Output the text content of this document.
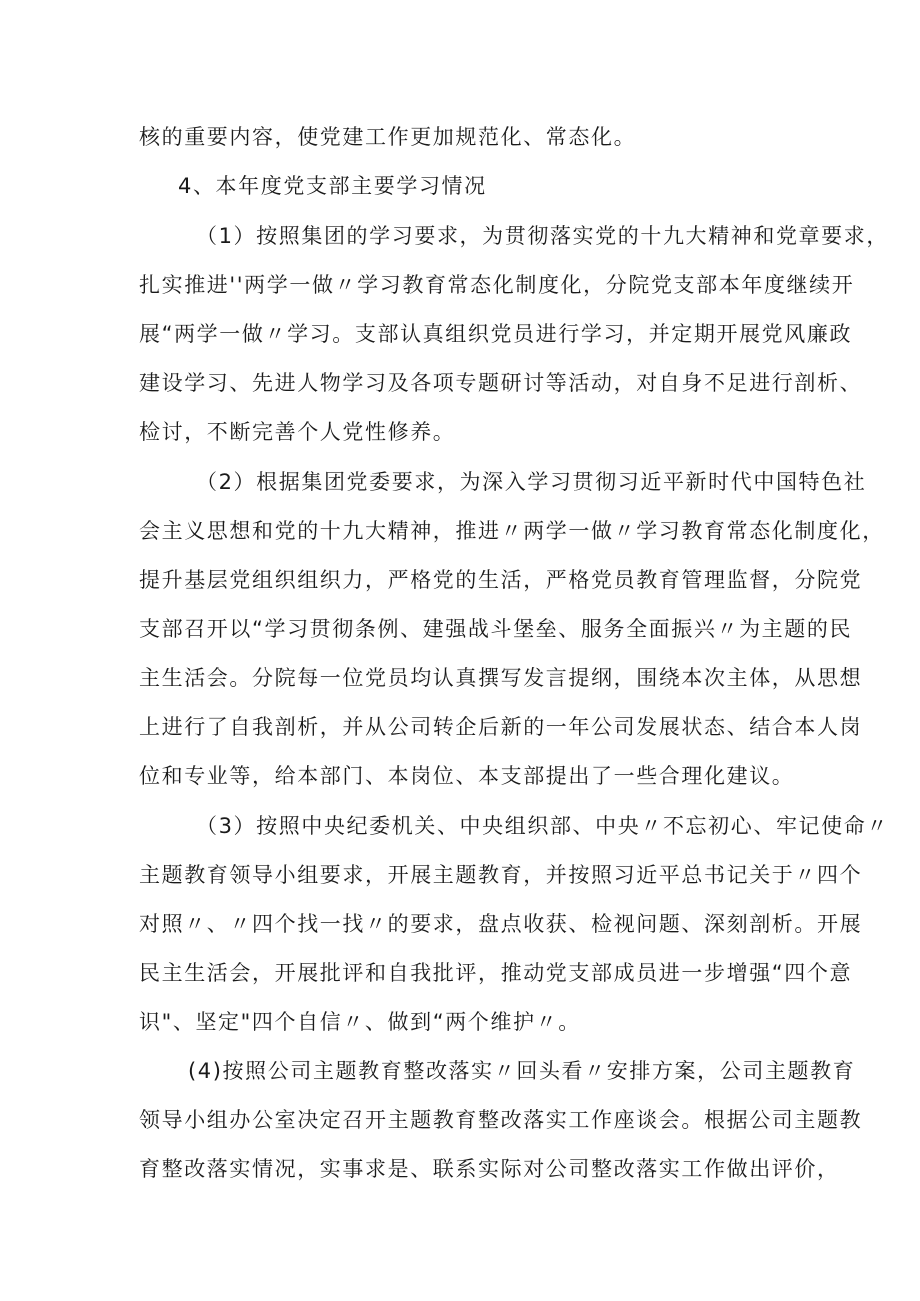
核的重要内容，使党建工作更加规范化、常态化。
4、本年度党支部主要学习情况
（1）按照集团的学习要求，为贯彻落实党的十九大精神和党章要求，
扎实推进''两学一做〃学习教育常态化制度化，分院党支部本年度继续开
展“两学一做〃学习。支部认真组织党员进行学习，并定期开展党风廉政
建设学习、先进人物学习及各项专题研讨等活动，对自身不足进行剖析、
检讨，不断完善个人党性修养。
（2）根据集团党委要求，为深入学习贯彻习近平新时代中国特色社
会主义思想和党的十九大精神，推进〃两学一做〃学习教育常态化制度化，
提升基层党组织组织力，严格党的生活，严格党员教育管理监督，分院党
支部召开以“学习贯彻条例、建强战斗堡垒、服务全面振兴〃为主题的民
主生活会。分院每一位党员均认真撰写发言提纲，围绕本次主体，从思想
上进行了自我剖析，并从公司转企后新的一年公司发展状态、结合本人岗
位和专业等，给本部门、本岗位、本支部提出了一些合理化建议。
（3）按照中央纪委机关、中央组织部、中央〃不忘初心、牢记使命〃
主题教育领导小组要求，开展主题教育，并按照习近平总书记关于〃四个
对照〃、〃四个找一找〃的要求，盘点收获、检视问题、深刻剖析。开展
民主生活会，开展批评和自我批评，推动党支部成员进一步增强“四个意
识"、坚定"四个自信〃、做到“两个维护〃。
(4)按照公司主题教育整改落实〃回头看〃安排方案，公司主题教育
领导小组办公室决定召开主题教育整改落实工作座谈会。根据公司主题教
育整改落实情况，实事求是、联系实际对公司整改落实工作做出评价，
